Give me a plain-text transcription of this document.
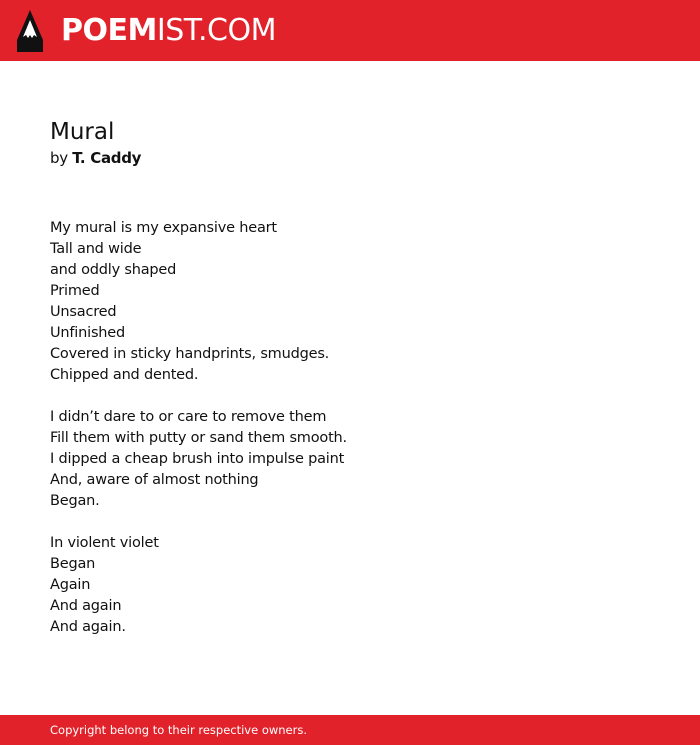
POEMIST.COM
Mural
by T. Caddy
My mural is my expansive heart
Tall and wide
and oddly shaped
Primed
Unsacred
Unfinished
Covered in sticky handprints, smudges.
Chipped and dented.
I didn’t dare to or care to remove them
Fill them with putty or sand them smooth.
I dipped a cheap brush into impulse paint
And, aware of almost nothing
Began.
In violent violet
Began
Again
And again
And again.
Copyright belong to their respective owners.
